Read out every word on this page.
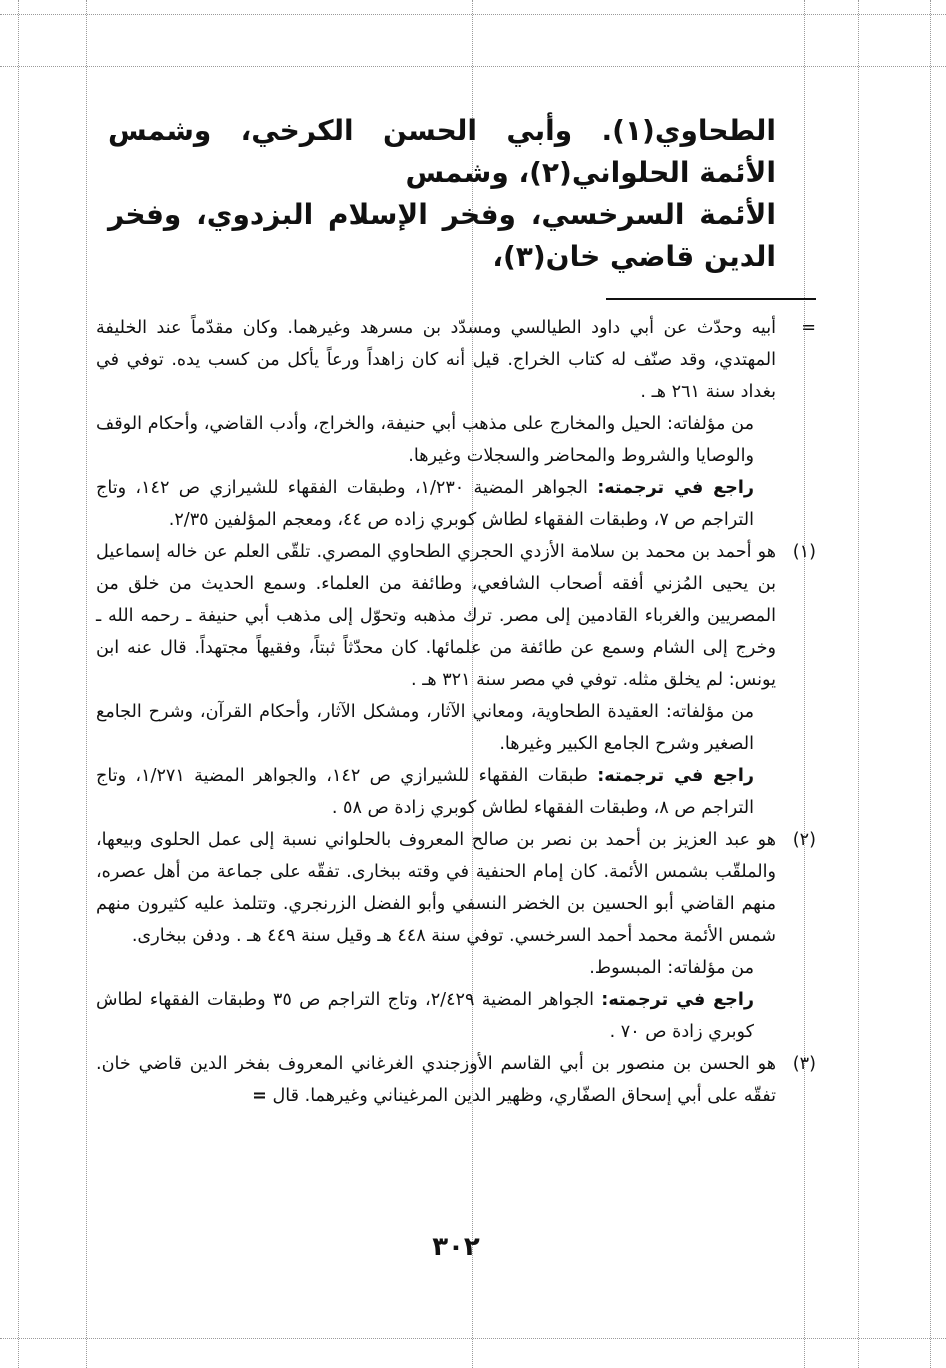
الطحاوي(١). وأبي الحسن الكرخي، وشمس الأئمة الحلواني(٢)، وشمس

الأئمة السرخسي، وفخر الإسلام البزدوي، وفخر الدين قاضي خان(٣)،

=

أبيه وحدّث عن أبي داود الطيالسي ومسدّد بن مسرهد وغيرهما. وكان مقدّماً عند الخليفة المهتدي، وقد صنّف له كتاب الخراج. قيل أنه كان زاهداً ورعاً يأكل من كسب يده. توفي في بغداد سنة ٢٦١ هـ .

من مؤلفاته: الحيل والمخارج على مذهب أبي حنيفة، والخراج، وأدب القاضي، وأحكام الوقف والوصايا والشروط والمحاضر والسجلات وغيرها.

راجع في ترجمته: الجواهر المضية ١/٢٣٠، وطبقات الفقهاء للشيرازي ص ١٤٢، وتاج التراجم ص ٧، وطبقات الفقهاء لطاش كوبري زاده ص ٤٤، ومعجم المؤلفين ٢/٣٥.

(١)

هو أحمد بن محمد بن سلامة الأزدي الحجري الطحاوي المصري. تلقّى العلم عن خاله إسماعيل بن يحيى المُزني أفقه أصحاب الشافعي، وطائفة من العلماء. وسمع الحديث من خلق من المصريين والغرباء القادمين إلى مصر. ترك مذهبه وتحوّل إلى مذهب أبي حنيفة ـ رحمه الله ـ وخرج إلى الشام وسمع عن طائفة من علمائها. كان محدّثاً ثبتاً، وفقيهاً مجتهداً. قال عنه ابن يونس: لم يخلق مثله. توفي في مصر سنة ٣٢١ هـ .

من مؤلفاته: العقيدة الطحاوية، ومعاني الآثار، ومشكل الآثار، وأحكام القرآن، وشرح الجامع الصغير وشرح الجامع الكبير وغيرها.

راجع في ترجمته: طبقات الفقهاء للشيرازي ص ١٤٢، والجواهر المضية ١/٢٧١، وتاج التراجم ص ٨، وطبقات الفقهاء لطاش كوبري زادة ص ٥٨ .

(٢)

هو عبد العزيز بن أحمد بن نصر بن صالح المعروف بالحلواني نسبة إلى عمل الحلوى وبيعها، والملقّب بشمس الأئمة. كان إمام الحنفية في وقته ببخارى. تفقّه على جماعة من أهل عصره، منهم القاضي أبو الحسين بن الخضر النسفي وأبو الفضل الزرنجري. وتتلمذ عليه كثيرون منهم شمس الأئمة محمد أحمد السرخسي. توفي سنة ٤٤٨ هـ وقيل سنة ٤٤٩ هـ . ودفن ببخارى.

من مؤلفاته: المبسوط.

راجع في ترجمته: الجواهر المضية ٢/٤٢٩، وتاج التراجم ص ٣٥ وطبقات الفقهاء لطاش كوبري زادة ص ٧٠ .

(٣)

هو الحسن بن منصور بن أبي القاسم الأوزجندي الغرغاني المعروف بفخر الدين قاضي خان. تفقّه على أبي إسحاق الصفّاري، وظهير الدين المرغيناني وغيرهما. قال =

٣٠٢
